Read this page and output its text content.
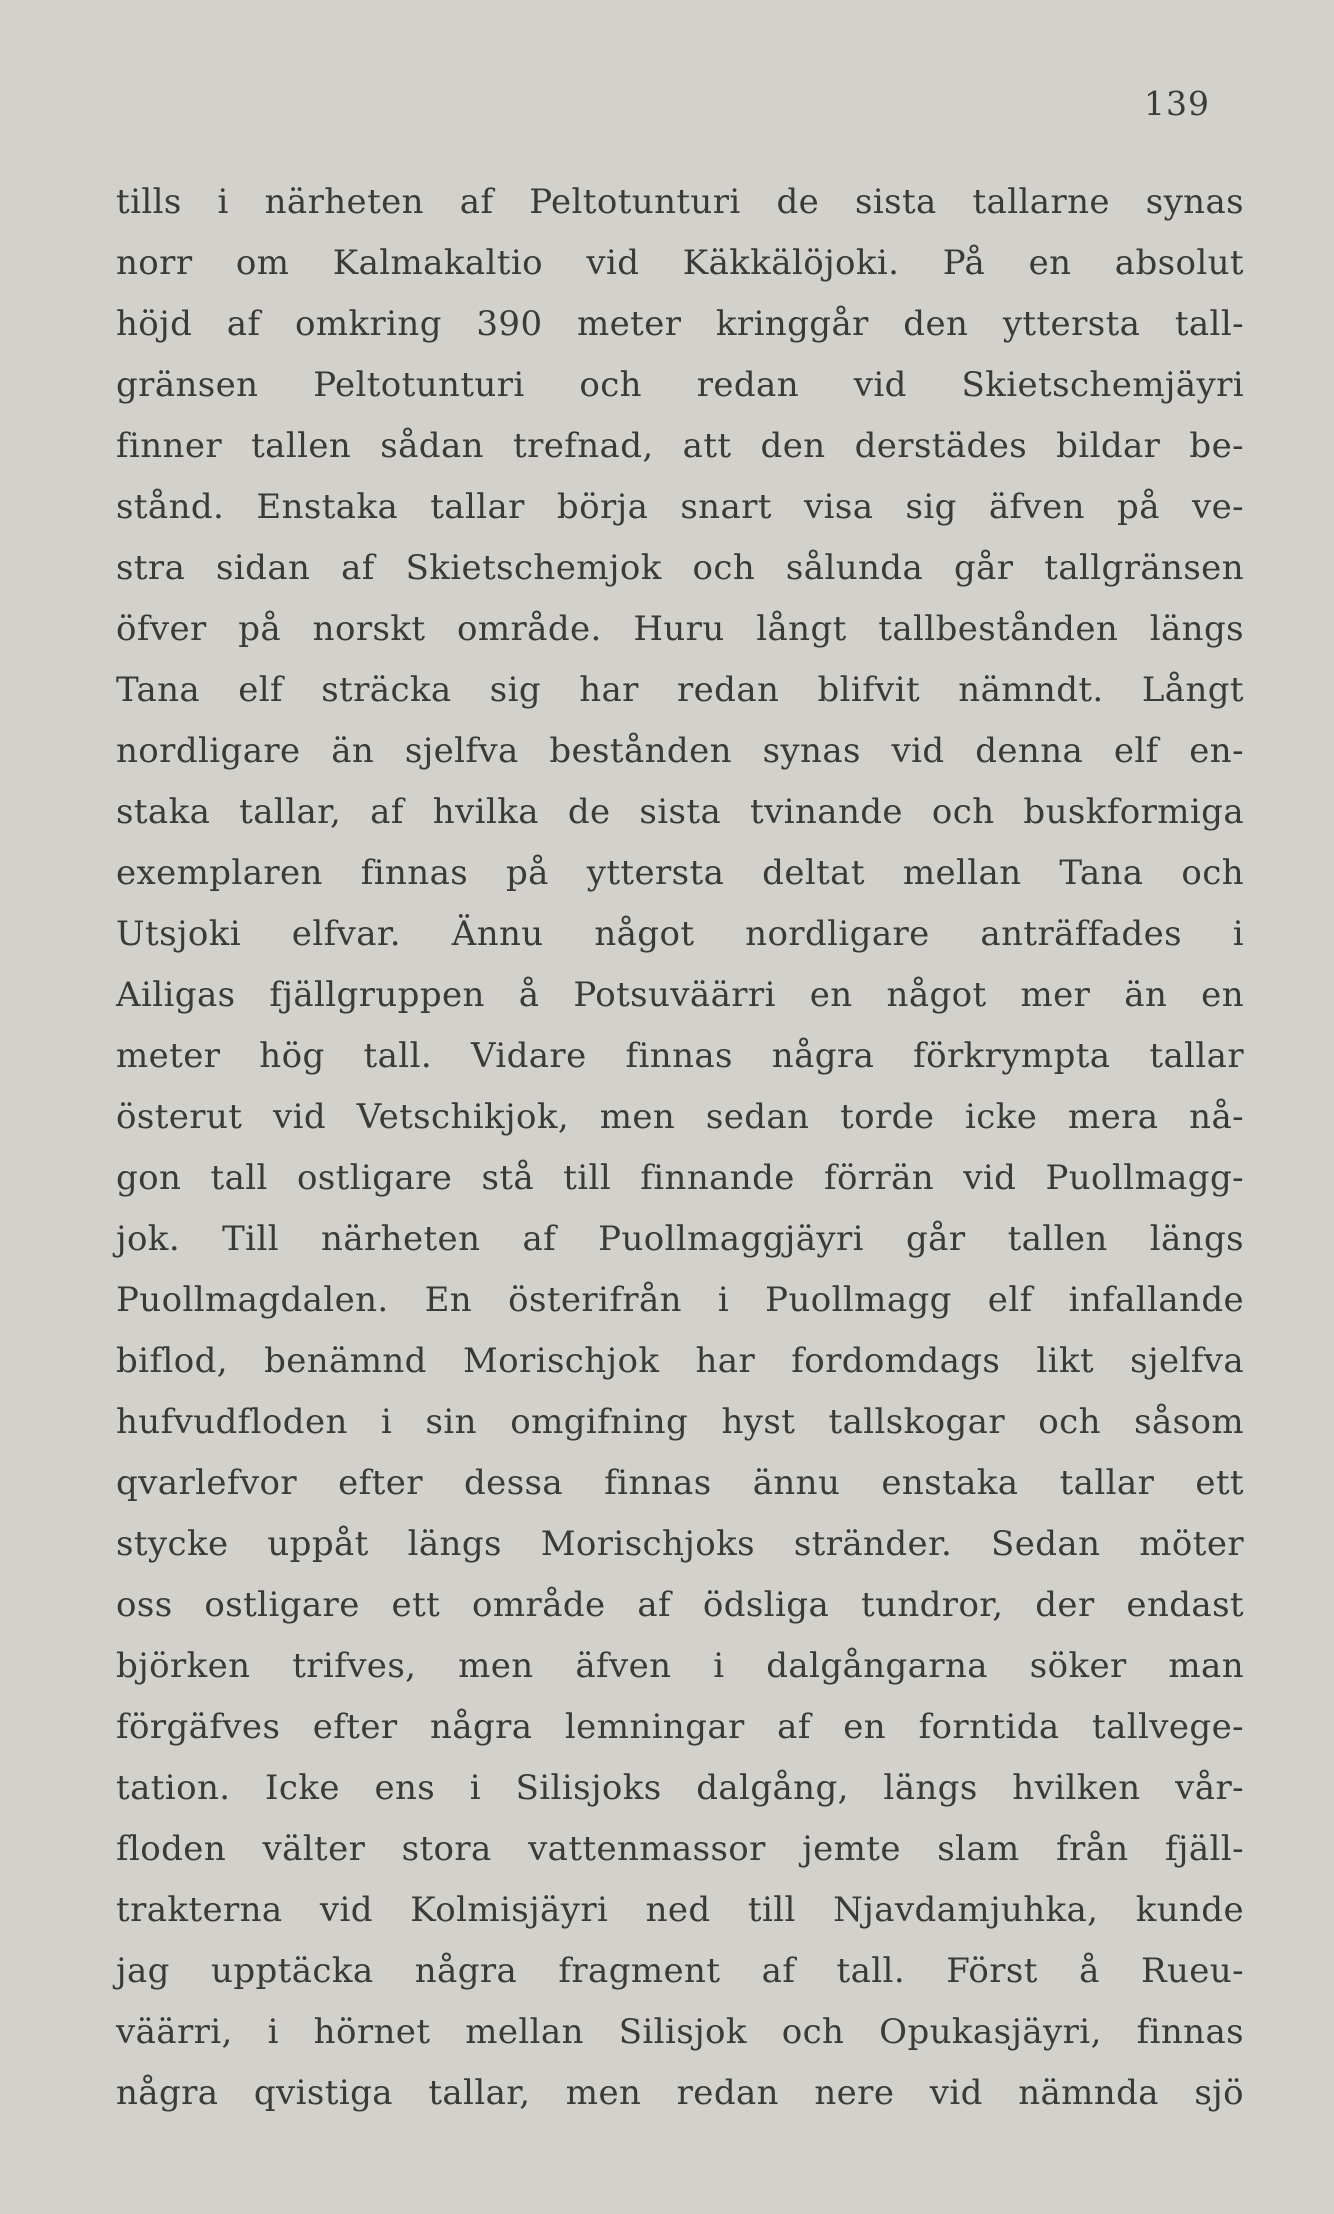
139
tills i närheten af Peltotunturi de sista tallarne synas
norr om Kalmakaltio vid Käkkälöjoki. På en absolut
höjd af omkring 390 meter kringgår den yttersta tall-
gränsen Peltotunturi och redan vid Skietschemjäyri
finner tallen sådan trefnad, att den derstädes bildar be-
stånd. Enstaka tallar börja snart visa sig äfven på ve-
stra sidan af Skietschemjok och sålunda går tallgränsen
öfver på norskt område. Huru långt tallbestånden längs
Tana elf sträcka sig har redan blifvit nämndt. Långt
nordligare än sjelfva bestånden synas vid denna elf en-
staka tallar, af hvilka de sista tvinande och buskformiga
exemplaren finnas på yttersta deltat mellan Tana och
Utsjoki elfvar. Ännu något nordligare anträffades i
Ailigas fjällgruppen å Potsuväärri en något mer än en
meter hög tall. Vidare finnas några förkrympta tallar
österut vid Vetschikjok, men sedan torde icke mera nå-
gon tall ostligare stå till finnande förrän vid Puollmagg-
jok. Till närheten af Puollmaggjäyri går tallen längs
Puollmagdalen. En österifrån i Puollmagg elf infallande
biflod, benämnd Morischjok har fordomdags likt sjelfva
hufvudfloden i sin omgifning hyst tallskogar och såsom
qvarlefvor efter dessa finnas ännu enstaka tallar ett
stycke uppåt längs Morischjoks stränder. Sedan möter
oss ostligare ett område af ödsliga tundror, der endast
björken trifves, men äfven i dalgångarna söker man
förgäfves efter några lemningar af en forntida tallvege-
tation. Icke ens i Silisjoks dalgång, längs hvilken vår-
floden välter stora vattenmassor jemte slam från fjäll-
trakterna vid Kolmisjäyri ned till Njavdamjuhka, kunde
jag upptäcka några fragment af tall. Först å Rueu-
väärri, i hörnet mellan Silisjok och Opukasjäyri, finnas
några qvistiga tallar, men redan nere vid nämnda sjö
